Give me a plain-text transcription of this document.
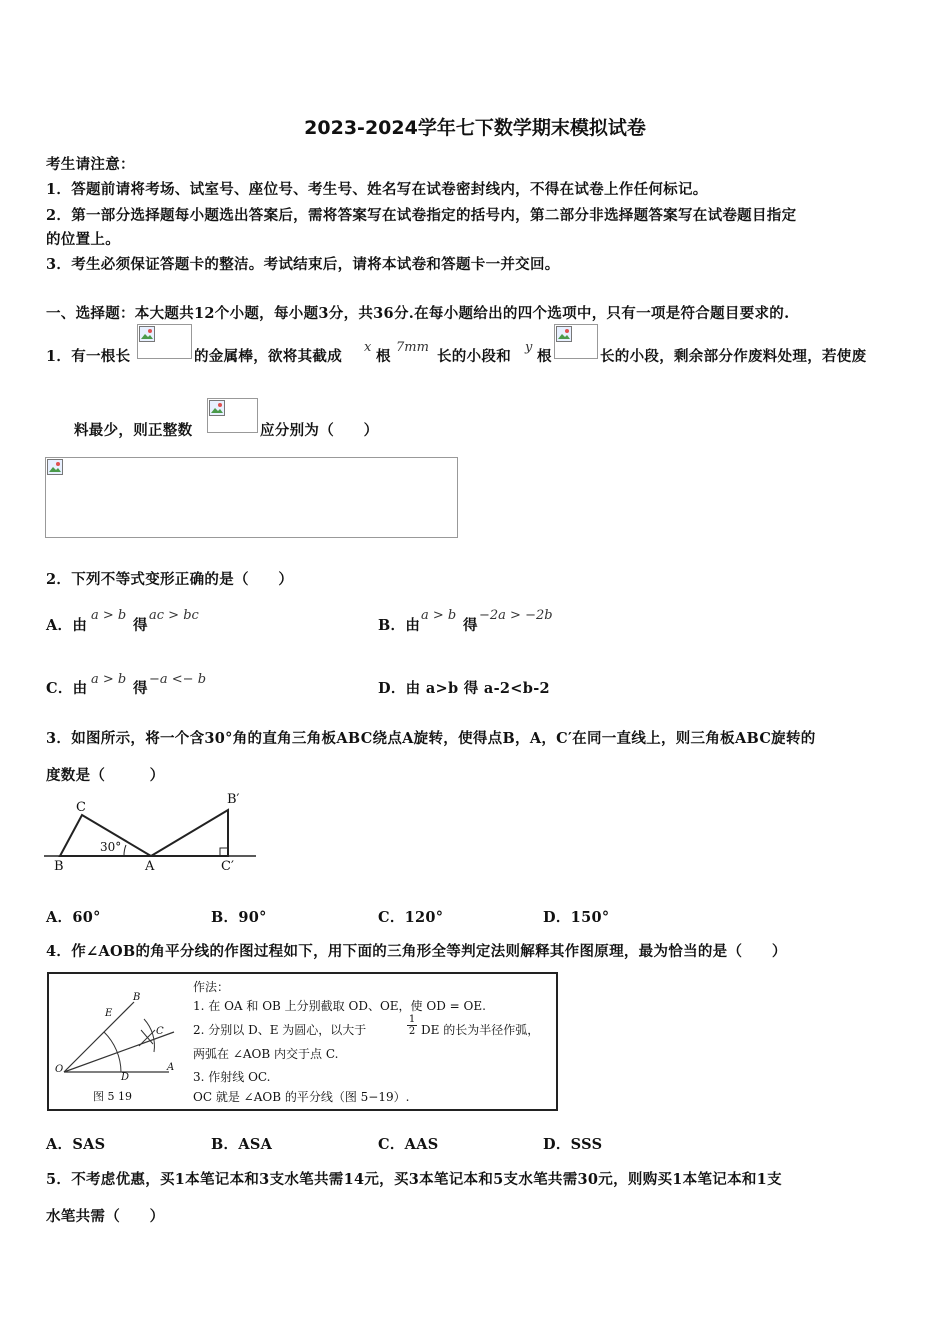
2023-2024学年七下数学期末模拟试卷
考生请注意：
1．答题前请将考场、试室号、座位号、考生号、姓名写在试卷密封线内，不得在试卷上作任何标记。
2．第一部分选择题每小题选出答案后，需将答案写在试卷指定的括号内，第二部分非选择题答案写在试卷题目指定
的位置上。
3．考生必须保证答题卡的整洁。考试结束后，请将本试卷和答题卡一并交回。
一、选择题：本大题共12个小题，每小题3分，共36分.在每小题给出的四个选项中，只有一项是符合题目要求的.
1．有一根长	的金属棒，欲将其截成
x
根
7mm
长的小段和
y
根	长的小段，剩余部分作废料处理，若使废
料最少，则正整数	应分别为（　　）
2．下列不等式变形正确的是（　　）
A．由
a > b
得
ac > bc
B．由
a > b
得
−2a > −2b
C．由
a > b
得
−a <− b
D．由 a>b 得 a-2<b-2
3．如图所示，将一个含30°角的直角三角板ABC绕点A旋转，使得点B，A，C′在同一直线上，则三角板ABC旋转的
度数是（　　　）
C
B	A
B′
C′
30°
A．60°	B．90°	C．120°	D．150°
4．作∠AOB的角平分线的作图过程如下，用下面的三角形全等判定法则解释其作图原理，最为恰当的是（　　）
O	A
B
D
E
C
图 5 19
作法：
1. 在 OA 和 OB 上分别截取 OD、OE，使 OD = OE.
2. 分别以 D、E 为圆心，以大于	$\frac{1}{2}$ DE 的长为半径作弧，
两弧在 ∠AOB 内交于点 C.
3. 作射线 OC.
OC 就是 ∠AOB 的平分线（图 5−19）.
A．SAS	B．ASA	C．AAS	D．SSS
5．不考虑优惠，买1本笔记本和3支水笔共需14元，买3本笔记本和5支水笔共需30元，则购买1本笔记本和1支
水笔共需（　　）
